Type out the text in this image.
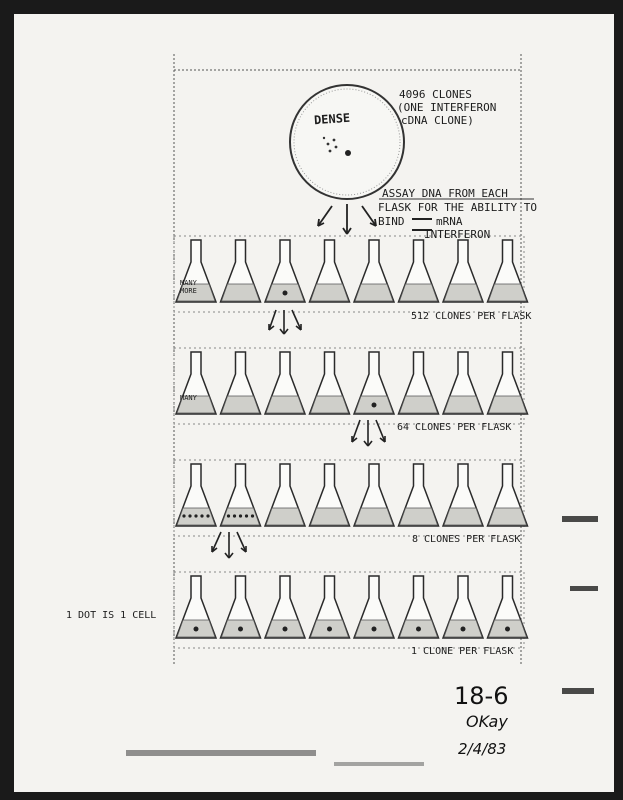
DENSE
4096 CLONES
(ONE INTERFERON
cDNA CLONE)
ASSAY DNA FROM EACH
FLASK FOR THE ABILITY TO
BIND	mRNA
INTERFERON
512 CLONES PER FLASK
64 CLONES PER FLASK
8 CLONES PER FLASK
1 CLONE PER FLASK
MANY
MORE
MANY
1 DOT IS 1 CELL
18-6
OKay
2/4/83
